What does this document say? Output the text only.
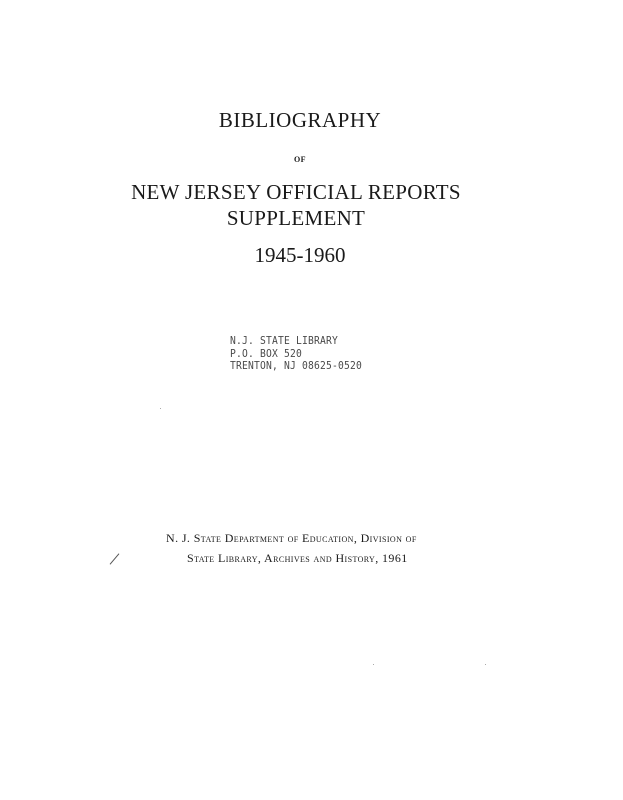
BIBLIOGRAPHY

OF

NEW JERSEY OFFICIAL REPORTS

SUPPLEMENT

1945-1960

N.J. STATE LIBRARY
P.O. BOX 520
TRENTON, NJ 08625-0520
N. J. State Department of Education, Division of
State Library, Archives and History, 1961
